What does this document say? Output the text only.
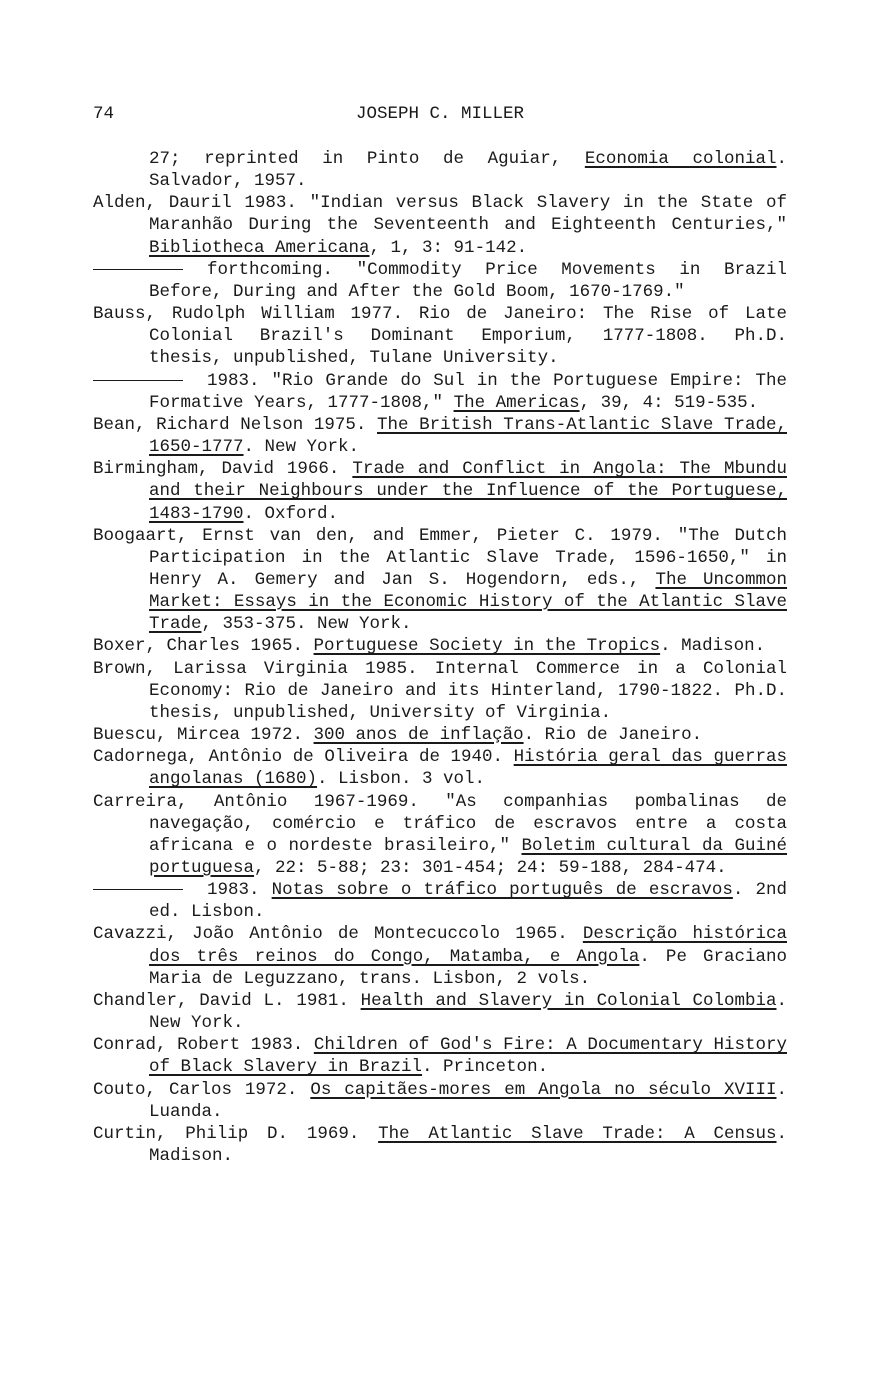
74	JOSEPH C. MILLER
27; reprinted in Pinto de Aguiar, Economia colonial. Salvador, 1957.
Alden, Dauril 1983. "Indian versus Black Slavery in the State of Maranhão During the Seventeenth and Eighteenth Centuries," Bibliotheca Americana, 1, 3: 91-142.
forthcoming. "Commodity Price Movements in Brazil Before, During and After the Gold Boom, 1670-1769."
Bauss, Rudolph William 1977. Rio de Janeiro: The Rise of Late Colonial Brazil's Dominant Emporium, 1777-1808. Ph.D. thesis, unpublished, Tulane University.
1983. "Rio Grande do Sul in the Portuguese Empire: The Formative Years, 1777-1808," The Americas, 39, 4: 519-535.
Bean, Richard Nelson 1975. The British Trans-Atlantic Slave Trade, 1650-1777. New York.
Birmingham, David 1966. Trade and Conflict in Angola: The Mbundu and their Neighbours under the Influence of the Portuguese, 1483-1790. Oxford.
Boogaart, Ernst van den, and Emmer, Pieter C. 1979. "The Dutch Participation in the Atlantic Slave Trade, 1596-1650," in Henry A. Gemery and Jan S. Hogendorn, eds., The Uncommon Market: Essays in the Economic History of the Atlantic Slave Trade, 353-375. New York.
Boxer, Charles 1965. Portuguese Society in the Tropics. Madison.
Brown, Larissa Virginia 1985. Internal Commerce in a Colonial Economy: Rio de Janeiro and its Hinterland, 1790-1822. Ph.D. thesis, unpublished, University of Virginia.
Buescu, Mircea 1972. 300 anos de inflação. Rio de Janeiro.
Cadornega, Antônio de Oliveira de 1940. História geral das guerras angolanas (1680). Lisbon. 3 vol.
Carreira, Antônio 1967-1969. "As companhias pombalinas de navegação, comércio e tráfico de escravos entre a costa africana e o nordeste brasileiro," Boletim cultural da Guiné portuguesa, 22: 5-88; 23: 301-454; 24: 59-188, 284-474.
1983. Notas sobre o tráfico português de escravos. 2nd ed. Lisbon.
Cavazzi, João Antônio de Montecuccolo 1965. Descrição histórica dos três reinos do Congo, Matamba, e Angola. Pe Graciano Maria de Leguzzano, trans. Lisbon, 2 vols.
Chandler, David L. 1981. Health and Slavery in Colonial Colombia. New York.
Conrad, Robert 1983. Children of God's Fire: A Documentary History of Black Slavery in Brazil. Princeton.
Couto, Carlos 1972. Os capitães-mores em Angola no século XVIII. Luanda.
Curtin, Philip D. 1969. The Atlantic Slave Trade: A Census. Madison.
